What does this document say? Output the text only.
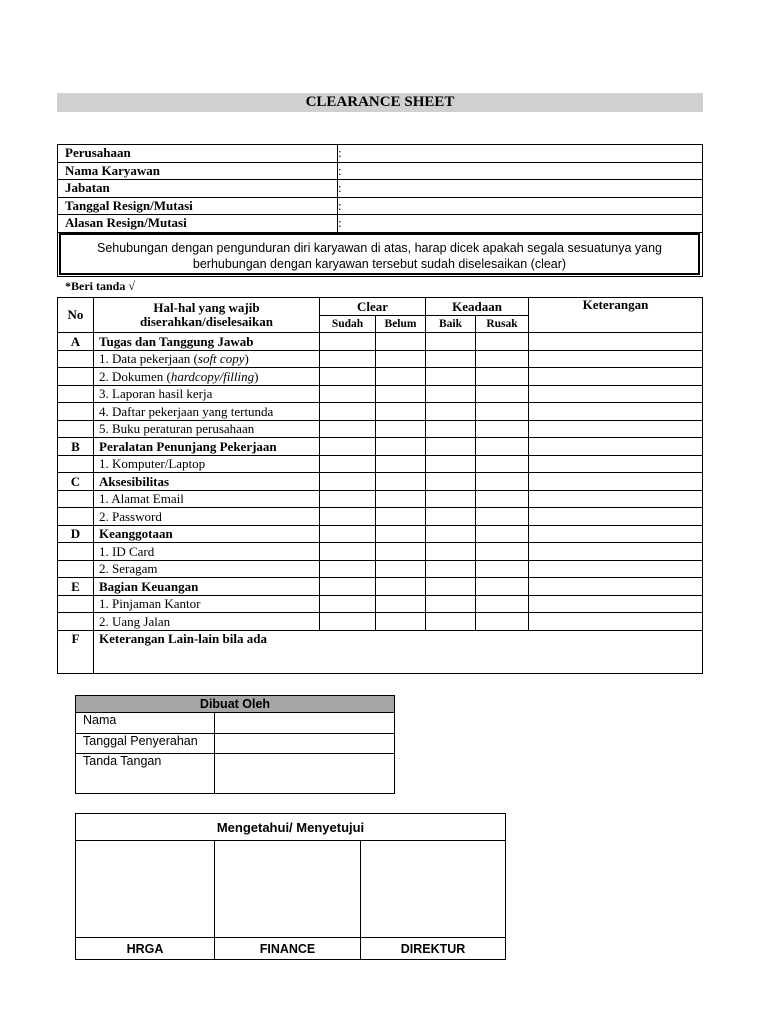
CLEARANCE SHEET
Perusahaan	:
Nama Karyawan	:
Jabatan	:
Tanggal Resign/Mutasi	:
Alasan Resign/Mutasi	:
Sehubungan dengan pengunduran diri karyawan di atas, harap dicek apakah segala sesuatunya yang
berhubungan dengan karyawan tersebut sudah diselesaikan (clear)
*Beri tanda √
No	Hal-hal yang wajib
diserahkan/diselesaikan	Clear		Keadaan		Keterangan
		Sudah	Belum	Baik	Rusak	
A	Tugas dan Tanggung Jawab					
	1. Data pekerjaan (soft copy)					
	2. Dokumen (hardcopy/filling)					
	3. Laporan hasil kerja					
	4. Daftar pekerjaan yang tertunda					
	5. Buku peraturan perusahaan					
B	Peralatan Penunjang Pekerjaan					
	1. Komputer/Laptop					
C	Aksesibilitas					
	1. Alamat Email					
	2. Password					
D	Keanggotaan					
	1. ID Card					
	2. Seragam					
E	Bagian Keuangan					
	1. Pinjaman Kantor					
	2. Uang Jalan					
F	Keterangan Lain-lain bila ada					
Dibuat Oleh	
Nama	
Tanggal Penyerahan	
Tanda Tangan	
Mengetahui/ Menyetujui		

HRGA	FINANCE	DIREKTUR
